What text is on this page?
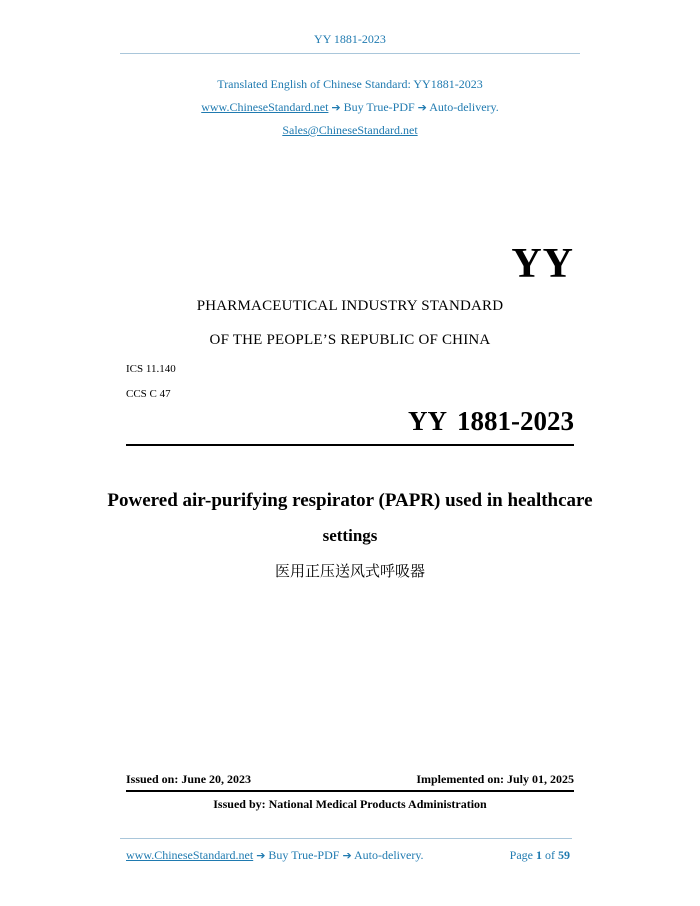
YY 1881-2023
Translated English of Chinese Standard: YY1881-2023
www.ChineseStandard.net ➔ Buy True-PDF ➔ Auto-delivery.
Sales@ChineseStandard.net
YY
PHARMACEUTICAL INDUSTRY STANDARD
OF THE PEOPLE’S REPUBLIC OF CHINA
ICS 11.140
CCS C 47
YY 1881-2023
Powered air-purifying respirator (PAPR) used in healthcare
settings
医用正压送风式呼吸器
Issued on: June 20, 2023	Implemented on: July 01, 2025
Issued by: National Medical Products Administration
www.ChineseStandard.net ➔ Buy True-PDF ➔ Auto-delivery.	Page 1 of 59
